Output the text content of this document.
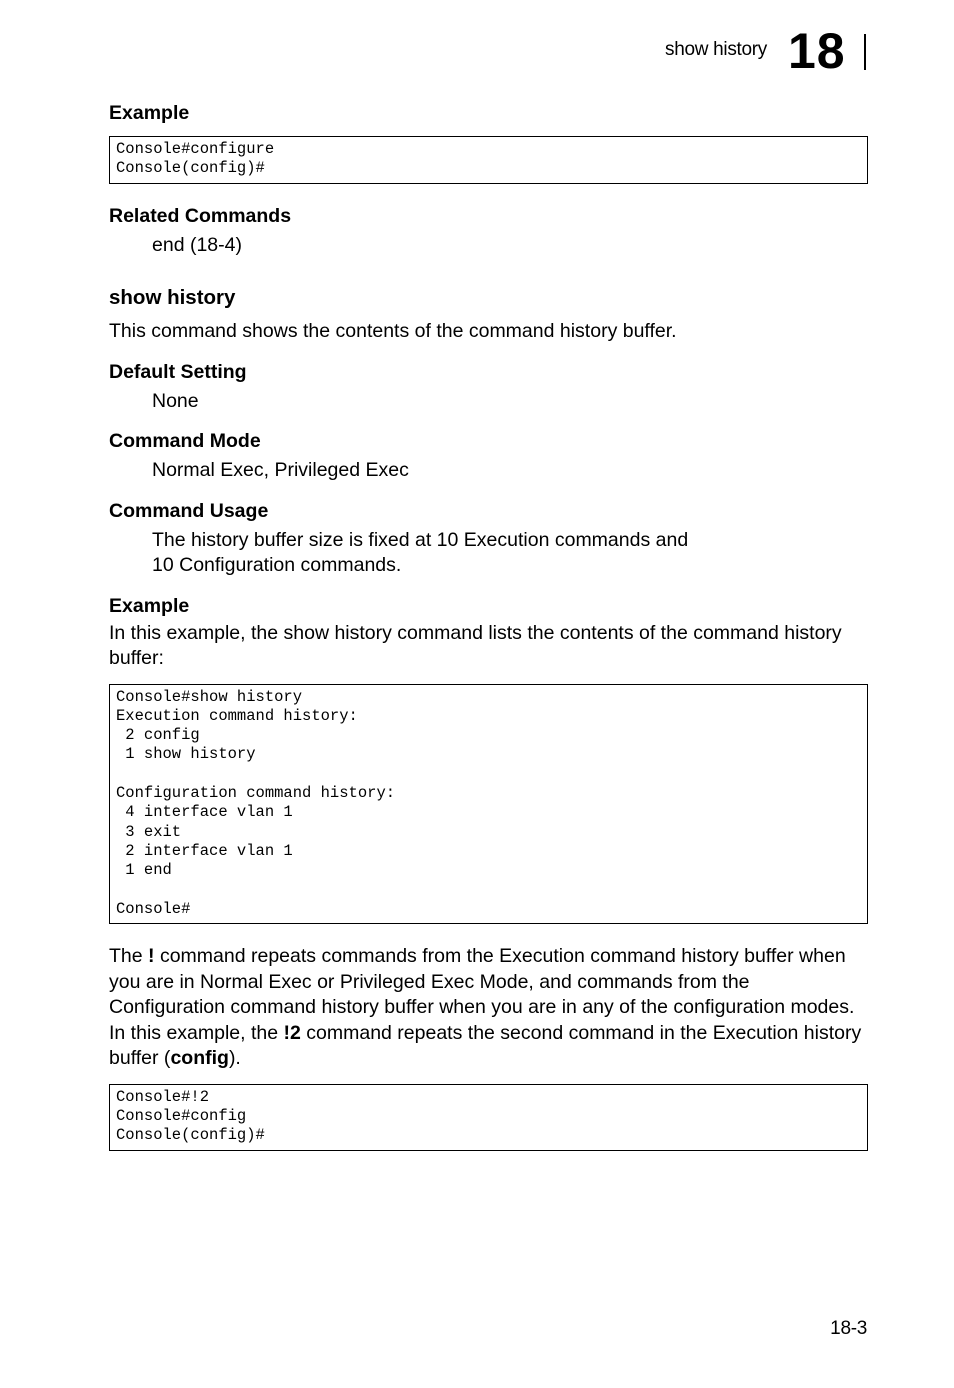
show history 18
Example
Console#configure
Console(config)#
Related Commands

end (18-4)

show history

This command shows the contents of the command history buffer.

Default Setting

None

Command Mode

Normal Exec, Privileged Exec

Command Usage

The history buffer size is fixed at 10 Execution commands and

10 Configuration commands.

Example

In this example, the show history command lists the contents of the command history buffer:

Console#show history
Execution command history:
2 config
1 show history

Configuration command history:
4 interface vlan 1
3 exit
2 interface vlan 1
1 end

Console#

The ! command repeats commands from the Execution command history buffer when you are in Normal Exec or Privileged Exec Mode, and commands from the Configuration command history buffer when you are in any of the configuration modes. In this example, the !2 command repeats the second command in the Execution history buffer (config).

Console#!2
Console#config
Console(config)#
18-3
